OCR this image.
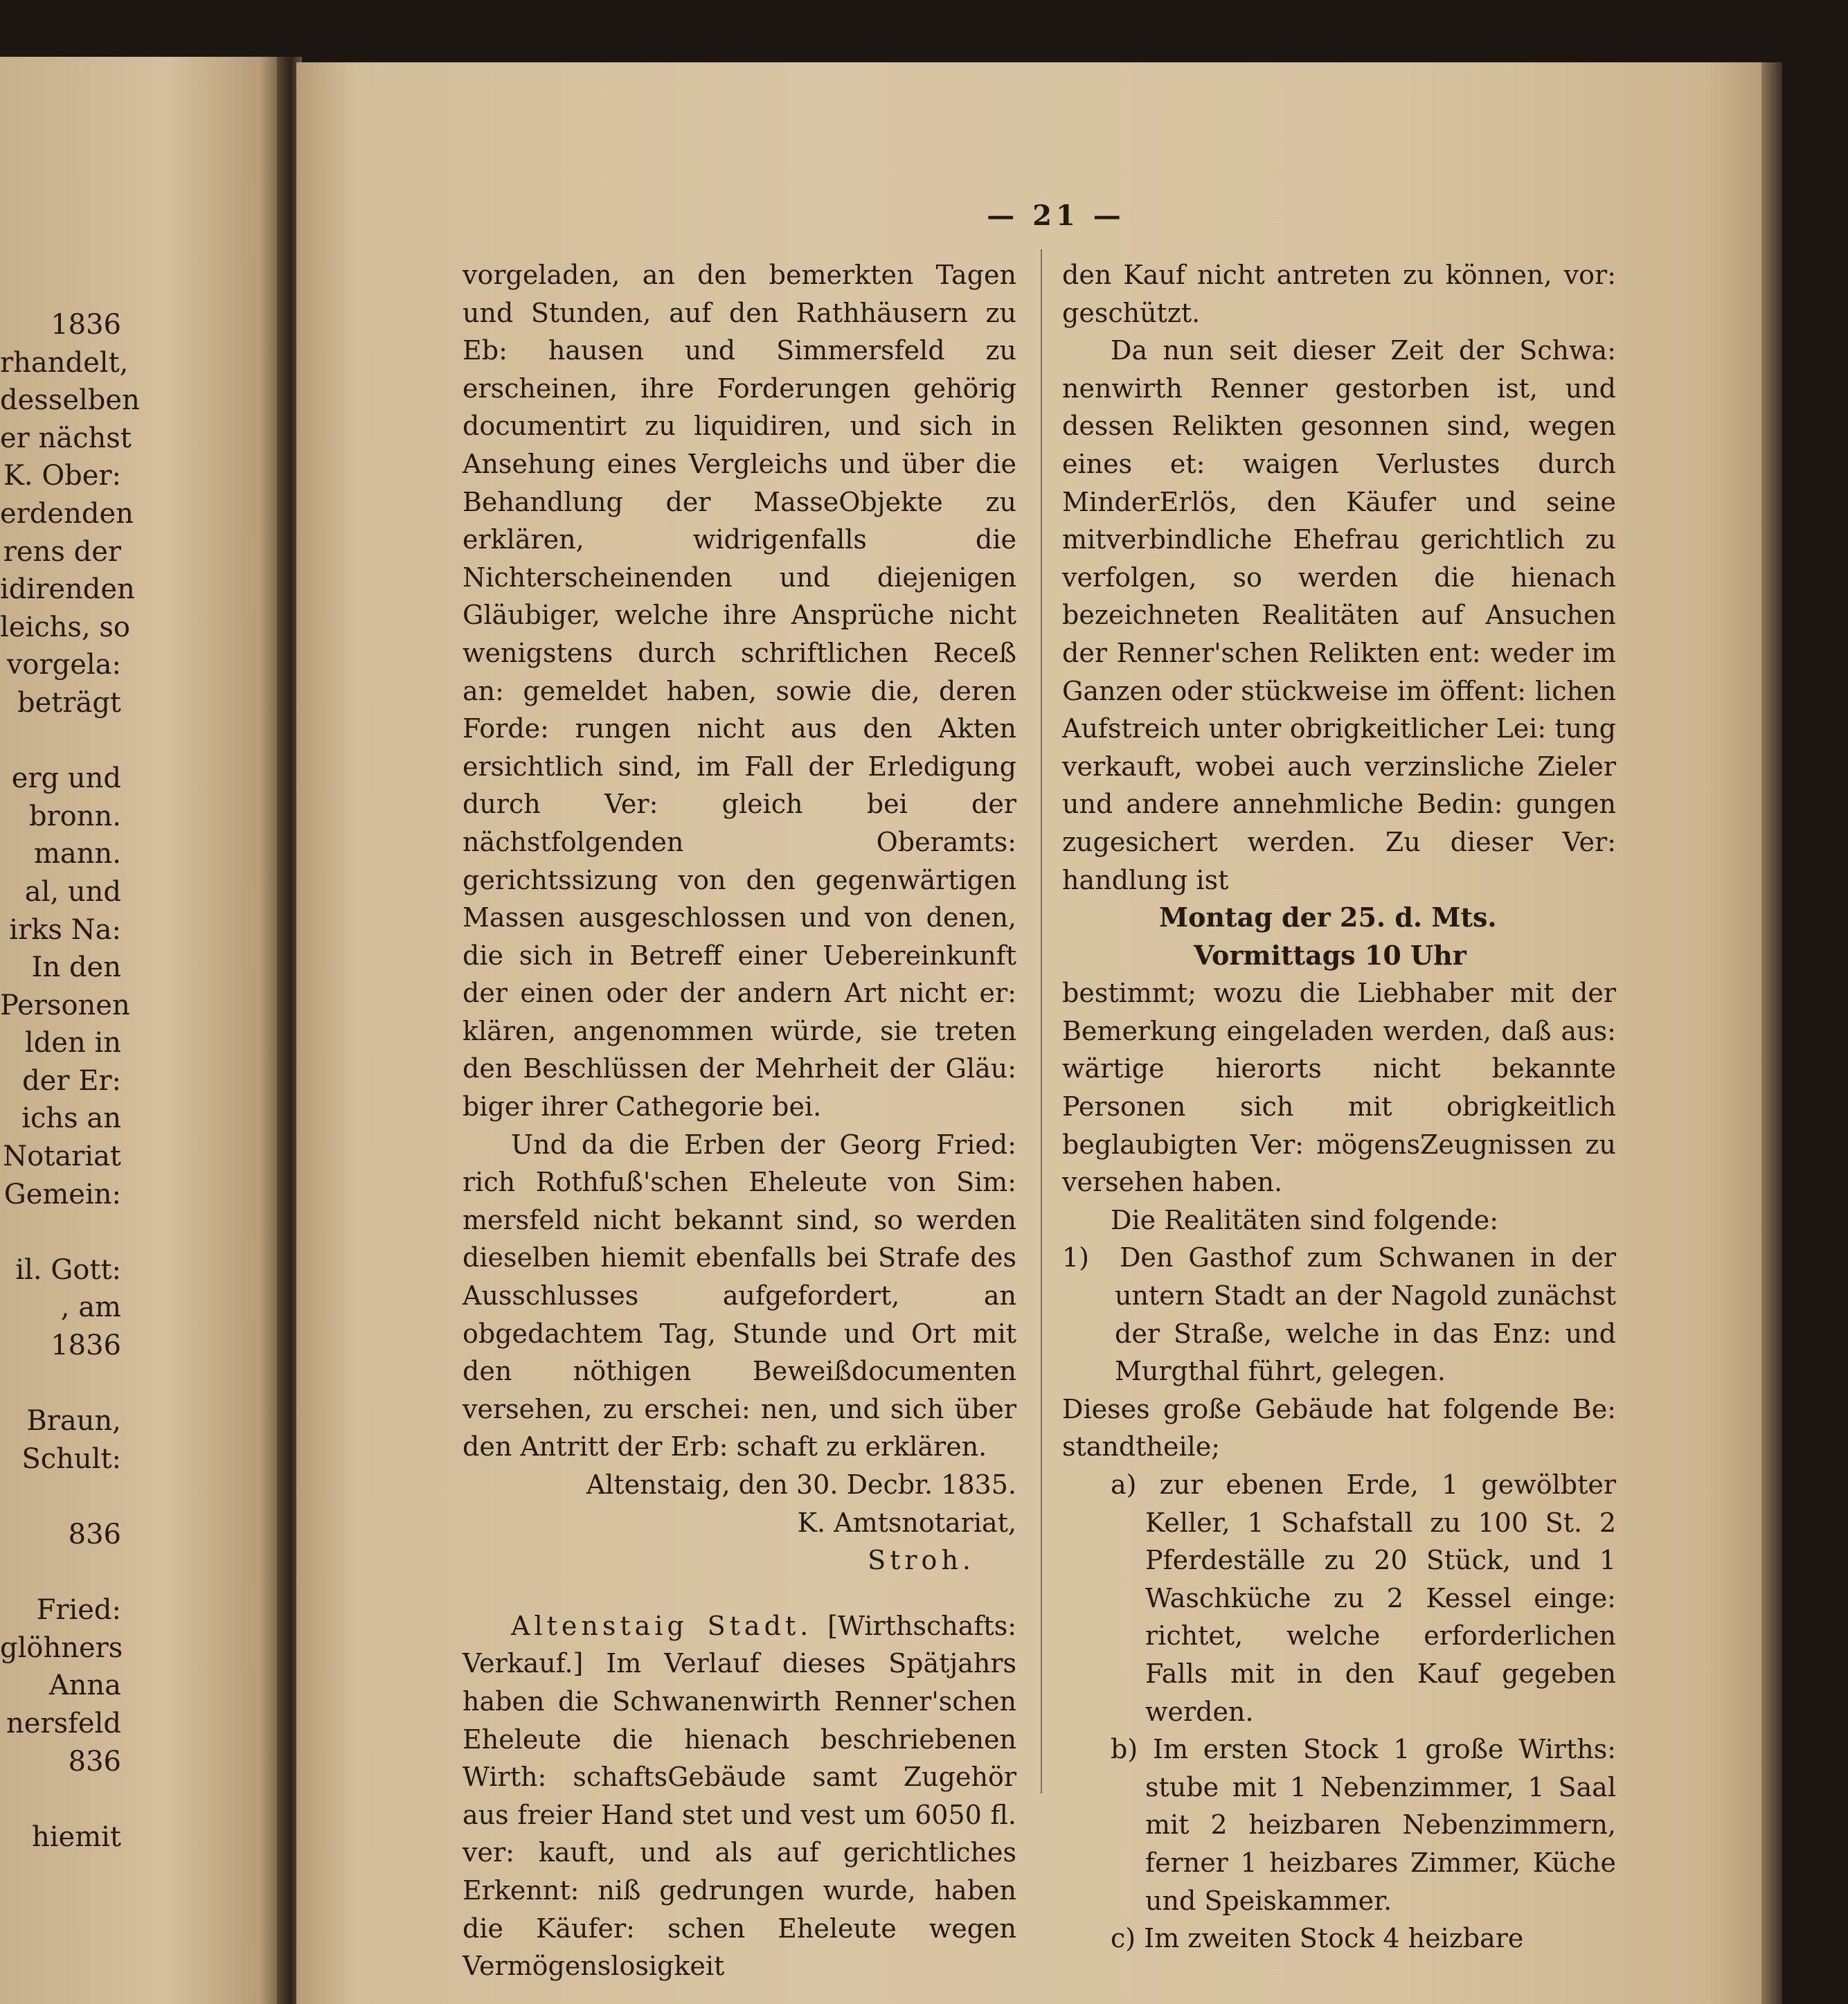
1836
rhandelt,
desselben
er nächst
K. Ober:
erdenden
rens der
idirenden
leichs, so
vorgela:
beträgt
erg und
bronn.
mann.
al, und
irks Na:
In den
Personen
lden in
der Er:
ichs an
Notariat
Gemein:
il. Gott:
, am
1836
Braun,
Schult:
836
Fried:
glöhners
Anna
nersfeld
836
hiemit
— 21 —

vorgeladen, an den bemerkten Tagen und Stunden, auf den Rathhäusern zu Eb: hausen und Simmersfeld zu erscheinen, ihre Forderungen gehörig documentirt zu liquidiren, und sich in Ansehung eines Vergleichs und über die Behandlung der MasseObjekte zu erklären, widrigenfalls die Nichterscheinenden und diejenigen Gläubiger, welche ihre Ansprüche nicht wenigstens durch schriftlichen Receß an: gemeldet haben, sowie die, deren Forde: rungen nicht aus den Akten ersichtlich sind, im Fall der Erledigung durch Ver: gleich bei der nächstfolgenden Oberamts: gerichtssizung von den gegenwärtigen Massen ausgeschlossen und von denen, die sich in Betreff einer Uebereinkunft der einen oder der andern Art nicht er: klären, angenommen würde, sie treten den Beschlüssen der Mehrheit der Gläu: biger ihrer Cathegorie bei.

Und da die Erben der Georg Fried: rich Rothfuß'schen Eheleute von Sim: mersfeld nicht bekannt sind, so werden dieselben hiemit ebenfalls bei Strafe des Ausschlusses aufgefordert, an obgedachtem Tag, Stunde und Ort mit den nöthigen Beweißdocumenten versehen, zu erschei: nen, und sich über den Antritt der Erb: schaft zu erklären.

Altenstaig, den 30. Decbr. 1835.

K. Amtsnotariat,

Stroh.

Altenstaig Stadt. [Wirthschafts: Verkauf.] Im Verlauf dieses Spätjahrs haben die Schwanenwirth Renner'schen Eheleute die hienach beschriebenen Wirth: schaftsGebäude samt Zugehör aus freier Hand stet und vest um 6050 fl. ver: kauft, und als auf gerichtliches Erkennt: niß gedrungen wurde, haben die Käufer: schen Eheleute wegen Vermögenslosigkeit

den Kauf nicht antreten zu können, vor: geschützt.

Da nun seit dieser Zeit der Schwa: nenwirth Renner gestorben ist, und dessen Relikten gesonnen sind, wegen eines et: waigen Verlustes durch MinderErlös, den Käufer und seine mitverbindliche Ehefrau gerichtlich zu verfolgen, so werden die hienach bezeichneten Realitäten auf Ansuchen der Renner'schen Relikten ent: weder im Ganzen oder stückweise im öffent: lichen Aufstreich unter obrigkeitlicher Lei: tung verkauft, wobei auch verzinsliche Zieler und andere annehmliche Bedin: gungen zugesichert werden. Zu dieser Ver: handlung ist

Montag der 25. d. Mts.

Vormittags 10 Uhr

bestimmt; wozu die Liebhaber mit der Bemerkung eingeladen werden, daß aus: wärtige hierorts nicht bekannte Personen sich mit obrigkeitlich beglaubigten Ver: mögensZeugnissen zu versehen haben.

Die Realitäten sind folgende:

1) Den Gasthof zum Schwanen in der untern Stadt an der Nagold zunächst der Straße, welche in das Enz: und Murgthal führt, gelegen.

Dieses große Gebäude hat folgende Be: standtheile;

a) zur ebenen Erde, 1 gewölbter Keller, 1 Schafstall zu 100 St. 2 Pferdeställe zu 20 Stück, und 1 Waschküche zu 2 Kessel einge: richtet, welche erforderlichen Falls mit in den Kauf gegeben werden.

b) Im ersten Stock 1 große Wirths: stube mit 1 Nebenzimmer, 1 Saal mit 2 heizbaren Nebenzimmern, ferner 1 heizbares Zimmer, Küche und Speiskammer.

c) Im zweiten Stock 4 heizbare
